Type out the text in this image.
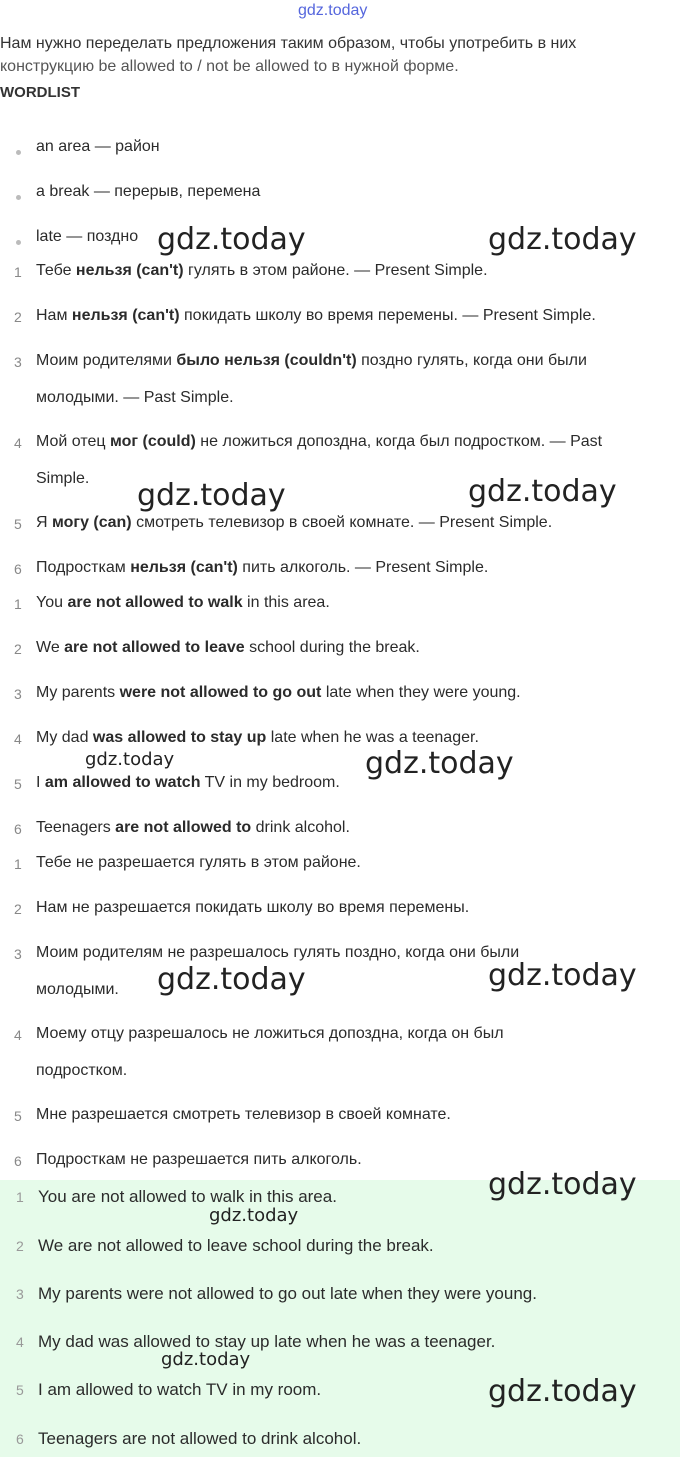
gdz.today
Нам нужно переделать предложения таким образом, чтобы употребить в них
конструкцию be allowed to / not be allowed to в нужной форме.
WORDLIST
an area — район
a break — перерыв, перемена
late — поздно
1 Тебе нельзя (can't) гулять в этом районе. — Present Simple.
2 Нам нельзя (can't) покидать школу во время перемены. — Present Simple.
3 Моим родителями было нельзя (couldn't) поздно гулять, когда они были
молодыми. — Past Simple.
4 Мой отец мог (could) не ложиться допоздна, когда был подростком. — Past
Simple.
5 Я могу (can) смотреть телевизор в своей комнате. — Present Simple.
6 Подросткам нельзя (can't) пить алкоголь. — Present Simple.
1 You are not allowed to walk in this area.
2 We are not allowed to leave school during the break.
3 My parents were not allowed to go out late when they were young.
4 My dad was allowed to stay up late when he was a teenager.
5 I am allowed to watch TV in my bedroom.
6 Teenagers are not allowed to drink alcohol.
1 Тебе не разрешается гулять в этом районе.
2 Нам не разрешается покидать школу во время перемены.
3 Моим родителям не разрешалось гулять поздно, когда они были
молодыми.
4 Моему отцу разрешалось не ложиться допоздна, когда он был
подростком.
5 Мне разрешается смотреть телевизор в своей комнате.
6 Подросткам не разрешается пить алкоголь.
1 You are not allowed to walk in this area.
2 We are not allowed to leave school during the break.
3 My parents were not allowed to go out late when they were young.
4 My dad was allowed to stay up late when he was a teenager.
5 I am allowed to watch TV in my room.
6 Teenagers are not allowed to drink alcohol.
gdz.today	gdz.today
gdz.today	gdz.today
gdz.today	gdz.today
gdz.today	gdz.today
gdz.today
gdz.today
gdz.today
gdz.today
